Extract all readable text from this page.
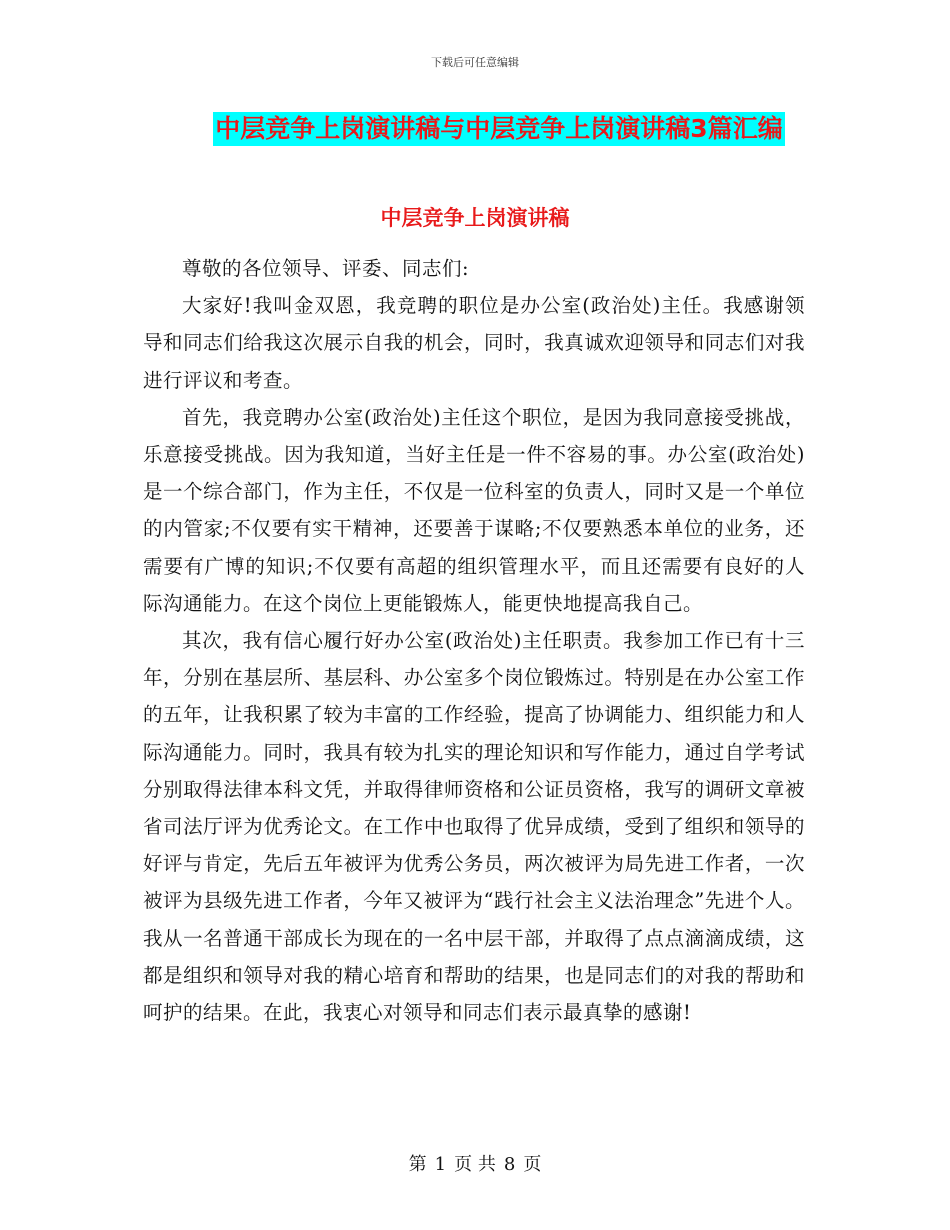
下载后可任意编辑
中层竞争上岗演讲稿与中层竞争上岗演讲稿3篇汇编
中层竞争上岗演讲稿

尊敬的各位领导、评委、同志们:

大家好!我叫金双恩，我竞聘的职位是办公室(政治处)主任。我感谢领导和同志们给我这次展示自我的机会，同时，我真诚欢迎领导和同志们对我进行评议和考查。

首先，我竞聘办公室(政治处)主任这个职位，是因为我同意接受挑战，乐意接受挑战。因为我知道，当好主任是一件不容易的事。办公室(政治处)是一个综合部门，作为主任，不仅是一位科室的负责人，同时又是一个单位的内管家;不仅要有实干精神，还要善于谋略;不仅要熟悉本单位的业务，还需要有广博的知识;不仅要有高超的组织管理水平，而且还需要有良好的人际沟通能力。在这个岗位上更能锻炼人，能更快地提高我自己。

其次，我有信心履行好办公室(政治处)主任职责。我参加工作已有十三年，分别在基层所、基层科、办公室多个岗位锻炼过。特别是在办公室工作的五年，让我积累了较为丰富的工作经验，提高了协调能力、组织能力和人际沟通能力。同时，我具有较为扎实的理论知识和写作能力，通过自学考试分别取得法律本科文凭，并取得律师资格和公证员资格，我写的调研文章被省司法厅评为优秀论文。在工作中也取得了优异成绩，受到了组织和领导的好评与肯定，先后五年被评为优秀公务员，两次被评为局先进工作者，一次被评为县级先进工作者，今年又被评为“践行社会主义法治理念”先进个人。我从一名普通干部成长为现在的一名中层干部，并取得了点点滴滴成绩，这都是组织和领导对我的精心培育和帮助的结果，也是同志们的对我的帮助和呵护的结果。在此，我衷心对领导和同志们表示最真挚的感谢!

第 1 页 共 8 页
